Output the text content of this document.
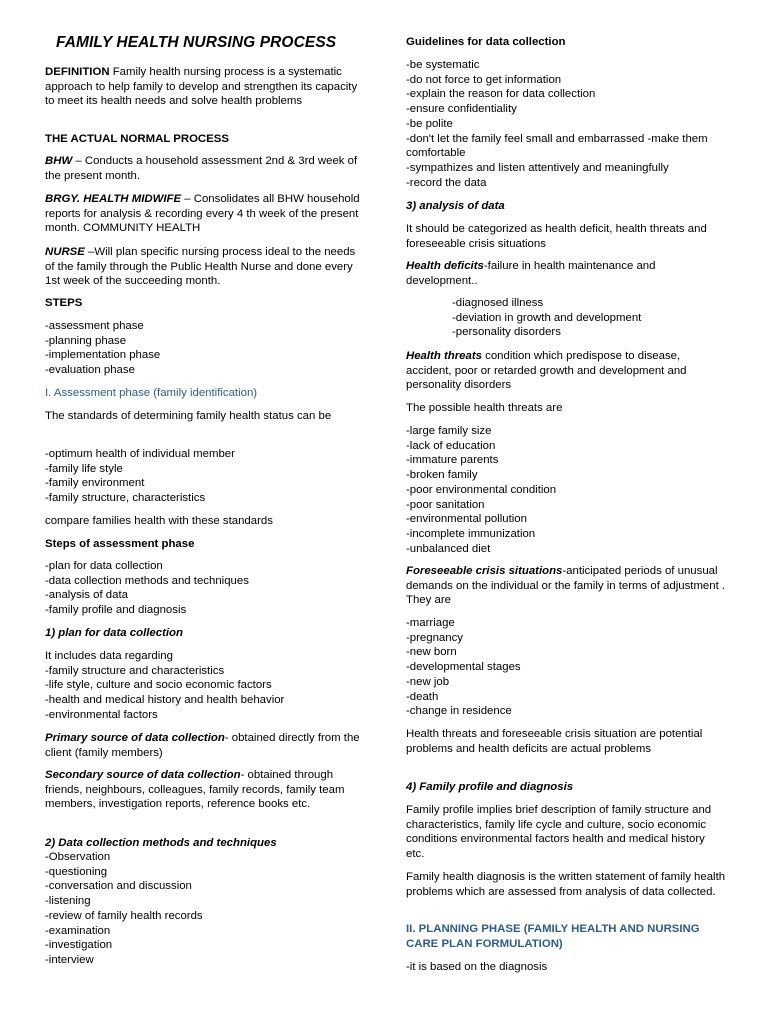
FAMILY HEALTH NURSING PROCESS

DEFINITION Family health nursing process is a systematic approach to help family to develop and strengthen its capacity to meet its health needs and solve health problems

THE ACTUAL NORMAL PROCESS

BHW – Conducts a household assessment 2nd & 3rd week of the present month.

BRGY. HEALTH MIDWIFE – Consolidates all BHW household reports for analysis & recording every 4 th week of the present month. COMMUNITY HEALTH

NURSE –Will plan specific nursing process ideal to the needs of the family through the Public Health Nurse and done every 1st week of the succeeding month.

STEPS

-assessment phase

-planning phase

-implementation phase

-evaluation phase

I. Assessment phase (family identification)

The standards of determining family health status can be

-optimum health of individual member

-family life style

-family environment

-family structure, characteristics

compare families health with these standards

Steps of assessment phase

-plan for data collection

-data collection methods and techniques

-analysis of data

-family profile and diagnosis

1) plan for data collection

It includes data regarding

-family structure and characteristics

-life style, culture and socio economic factors

-health and medical history and health behavior

-environmental factors

Primary source of data collection- obtained directly from the client (family members)

Secondary source of data collection- obtained through friends, neighbours, colleagues, family records, family team members, investigation reports, reference books etc.

2) Data collection methods and techniques

-Observation

-questioning

-conversation and discussion

-listening

-review of family health records

-examination

-investigation

-interview

Guidelines for data collection

-be systematic

-do not force to get information

-explain the reason for data collection

-ensure confidentiality

-be polite

-don't let the family feel small and embarrassed -make them comfortable

-sympathizes and listen attentively and meaningfully

-record the data

3) analysis of data

It should be categorized as health deficit, health threats and foreseeable crisis situations

Health deficits-failure in health maintenance and development..

-diagnosed illness

-deviation in growth and development

-personality disorders

Health threats condition which predispose to disease, accident, poor or retarded growth and development and personality disorders

The possible health threats are

-large family size

-lack of education

-immature parents

-broken family

-poor environmental condition

-poor sanitation

-environmental pollution

-incomplete immunization

-unbalanced diet

Foreseeable crisis situations-anticipated periods of unusual demands on the individual or the family in terms of adjustment . They are

-marriage

-pregnancy

-new born

-developmental stages

-new job

-death

-change in residence

Health threats and foreseeable crisis situation are potential problems and health deficits are actual problems

4) Family profile and diagnosis

Family profile implies brief description of family structure and characteristics, family life cycle and culture, socio economic conditions environmental factors health and medical history etc.

Family health diagnosis is the written statement of family health problems which are assessed from analysis of data collected.

II. PLANNING PHASE (FAMILY HEALTH AND NURSING CARE PLAN FORMULATION)

-it is based on the diagnosis
